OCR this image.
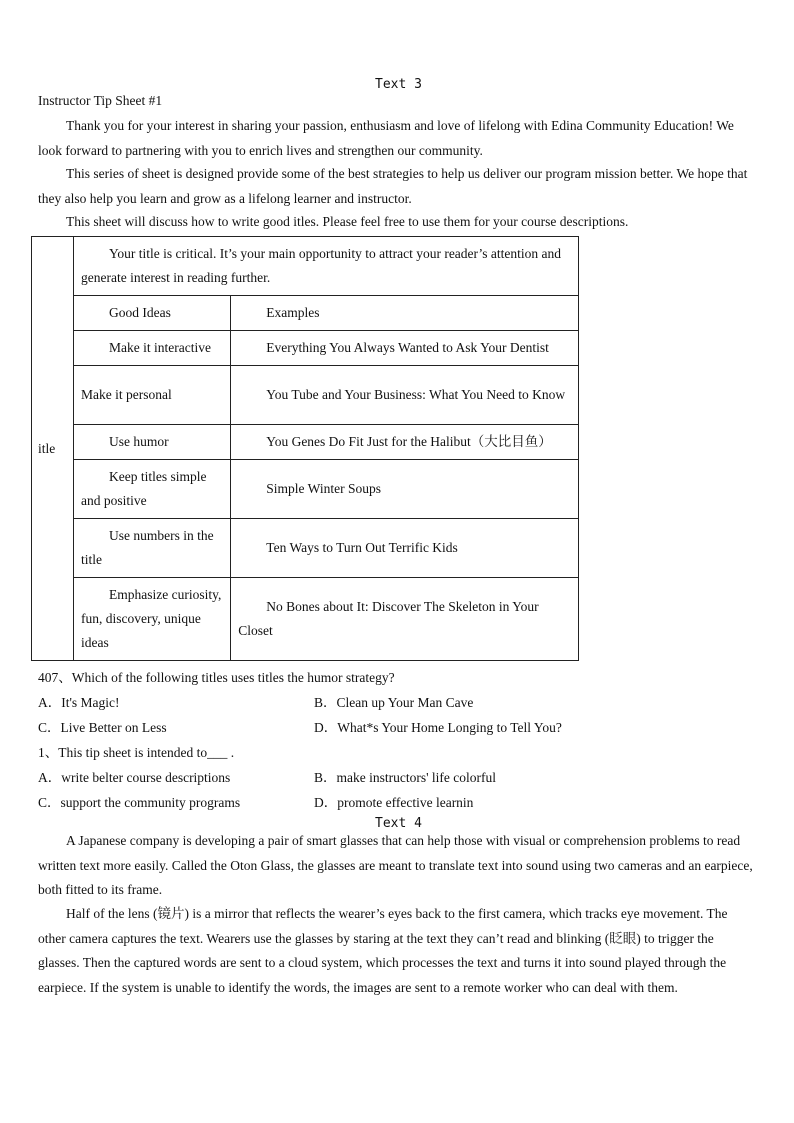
Text 3
Instructor Tip Sheet #1
Thank you for your interest in sharing your passion, enthusiasm and love of lifelong with Edina Community Education! We look forward to partnering with you to enrich lives and strengthen our community.
This series of sheet is designed provide some of the best strategies to help us deliver our program mission better. We hope that they also help you learn and grow as a lifelong learner and instructor.
This sheet will discuss how to write good itles. Please feel free to use them for your course descriptions.
itle	Your title is critical. It’s your main opportunity to attract your reader’s attention and generate interest in reading further.	
	Good Ideas	Examples
	Make it interactive	Everything You Always Wanted to Ask Your Dentist
	Make it personal	You Tube and Your Business: What You Need to Know
	Use humor	You Genes Do Fit Just for the Halibut（大比目鱼）
	Keep titles simple and positive	Simple Winter Soups
	Use numbers in the title	Ten Ways to Turn Out Terrific Kids
	Emphasize curiosity, fun, discovery, unique ideas	No Bones about It: Discover The Skeleton in Your Closet
407、Which of the following titles uses titles the humor strategy?
A．It's Magic!	B．Clean up Your Man Cave
C．Live Better on Less	D．What*s Your Home Longing to Tell You?
1、This tip sheet is intended to___ .
A．write belter course descriptions	B．make instructors' life colorful
C．support the community programs	D．promote effective learnin
Text 4
A Japanese company is developing a pair of smart glasses that can help those with visual or comprehension problems to read written text more easily. Called the Oton Glass, the glasses are meant to translate text into sound using two cameras and an earpiece, both fitted to its frame.
Half of the lens (镜片) is a mirror that reflects the wearer’s eyes back to the first camera, which tracks eye movement. The other camera captures the text. Wearers use the glasses by staring at the text they can’t read and blinking (眨眼) to trigger the glasses. Then the captured words are sent to a cloud system, which processes the text and turns it into sound played through the earpiece. If the system is unable to identify the words, the images are sent to a remote worker who can deal with them.
